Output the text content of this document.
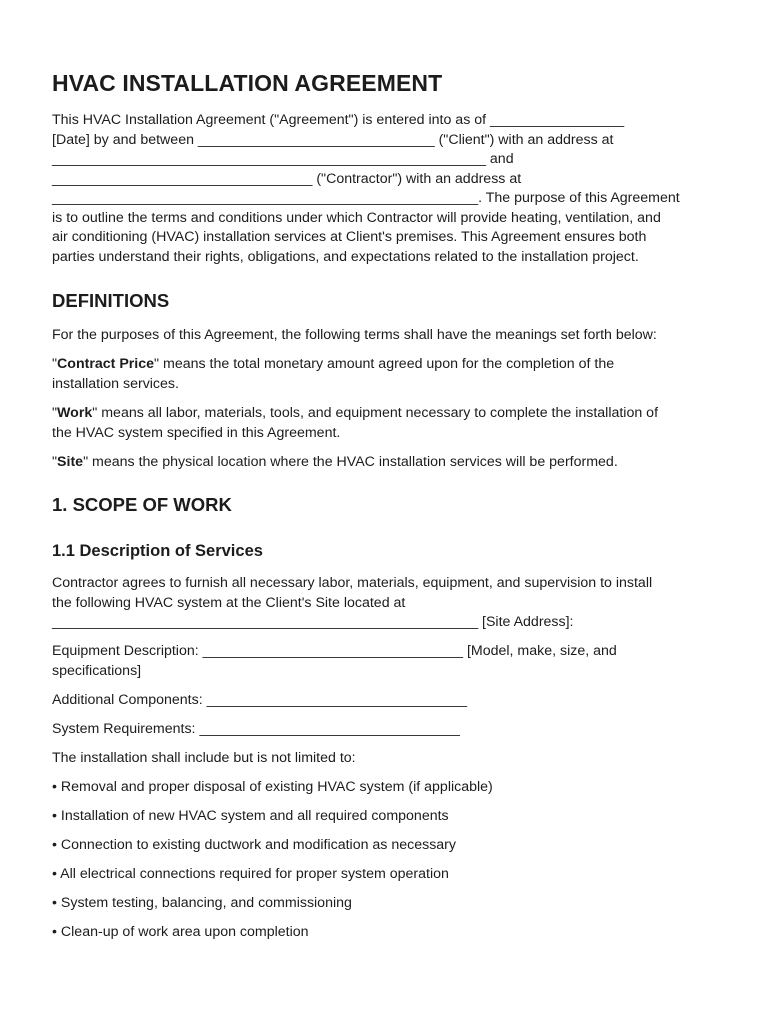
HVAC INSTALLATION AGREEMENT
This HVAC Installation Agreement ("Agreement") is entered into as of _________________
[Date] by and between ______________________________ ("Client") with an address at
_______________________________________________________ and
_________________________________ ("Contractor") with an address at
______________________________________________________. The purpose of this Agreement
is to outline the terms and conditions under which Contractor will provide heating, ventilation, and
air conditioning (HVAC) installation services at Client's premises. This Agreement ensures both
parties understand their rights, obligations, and expectations related to the installation project.
DEFINITIONS

For the purposes of this Agreement, the following terms shall have the meanings set forth below:

"Contract Price" means the total monetary amount agreed upon for the completion of the
installation services.
"Work" means all labor, materials, tools, and equipment necessary to complete the installation of
the HVAC system specified in this Agreement.
"Site" means the physical location where the HVAC installation services will be performed.
1. SCOPE OF WORK
1.1 Description of Services
Contractor agrees to furnish all necessary labor, materials, equipment, and supervision to install
the following HVAC system at the Client's Site located at
______________________________________________________ [Site Address]:
Equipment Description: _________________________________ [Model, make, size, and
specifications]

Additional Components: _________________________________

System Requirements: _________________________________

The installation shall include but is not limited to:

• Removal and proper disposal of existing HVAC system (if applicable)

• Installation of new HVAC system and all required components

• Connection to existing ductwork and modification as necessary

• All electrical connections required for proper system operation

• System testing, balancing, and commissioning

• Clean-up of work area upon completion
